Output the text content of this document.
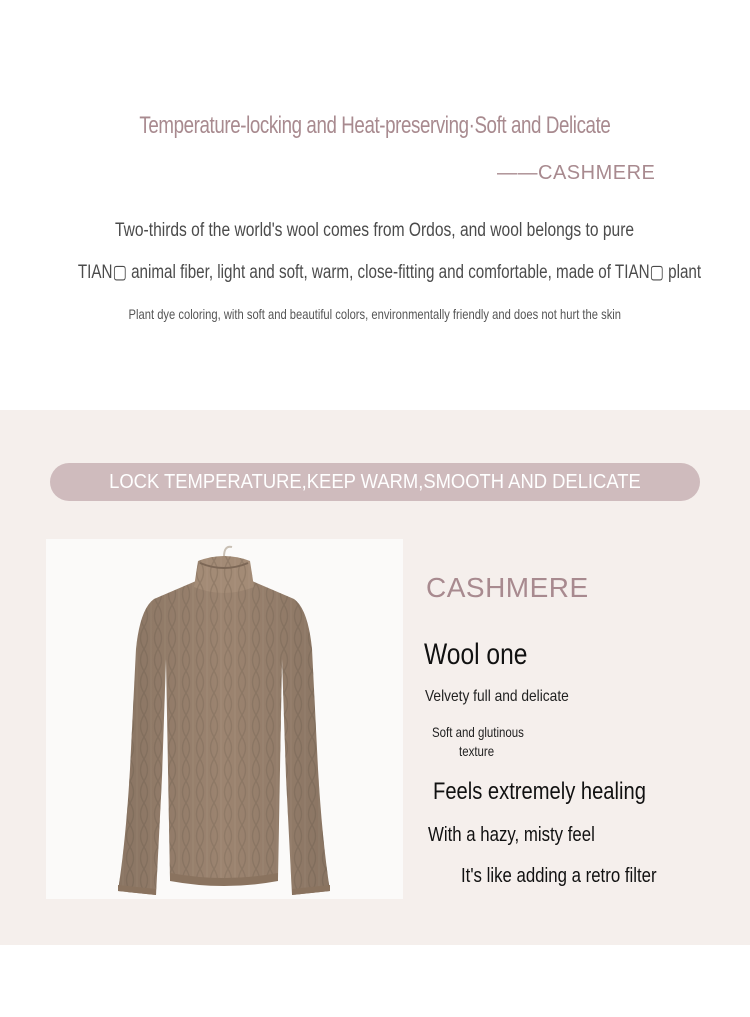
Temperature-locking and Heat-preserving·Soft and Delicate
——CASHMERE
Two-thirds of the world's wool comes from Ordos, and wool belongs to pure
TIAN▢ animal fiber, light and soft, warm, close-fitting and comfortable, made of TIAN▢ plant
Plant dye coloring, with soft and beautiful colors, environmentally friendly and does not hurt the skin
LOCK TEMPERATURE,KEEP WARM,SMOOTH AND DELICATE
CASHMERE
Wool one
Velvety full and delicate
Soft and glutinous
texture
Feels extremely healing
With a hazy, misty feel
It's like adding a retro filter
